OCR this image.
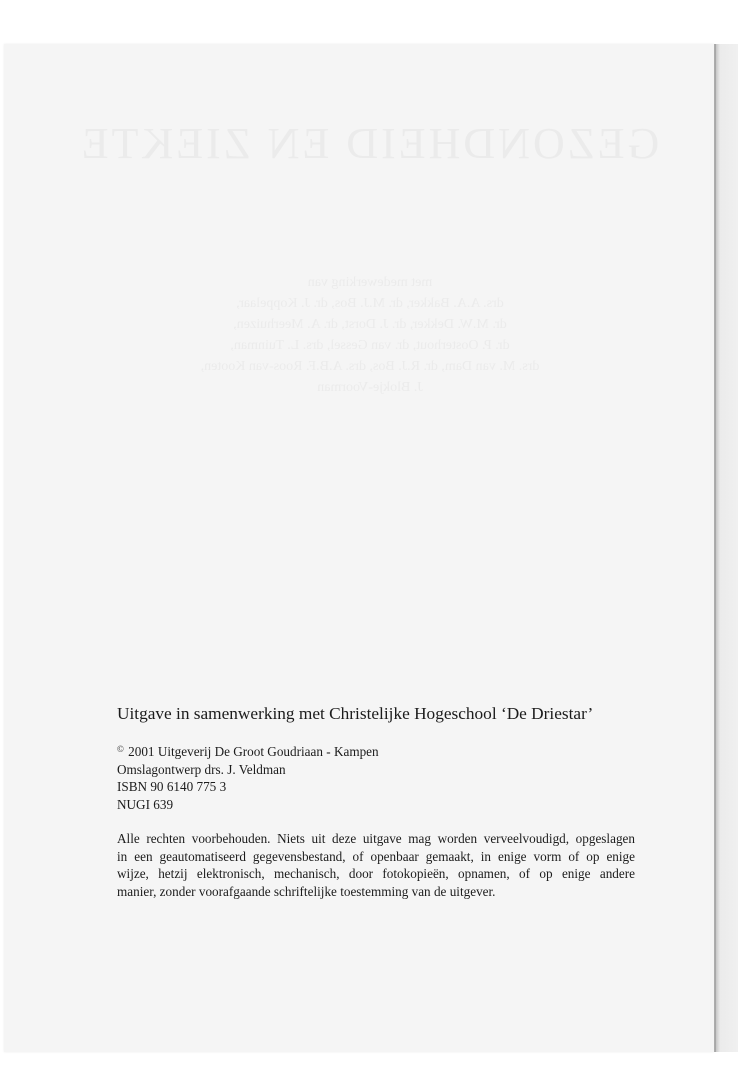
GEZONDHEID EN ZIEKTE
met medewerking van
drs. A.A. Bakker, dr. M.J. Bos, dr. J. Koppelaar,
dr. M.W. Dekker, dr. J. Dorst, dr. A. Meerhuizen,
dr. P. Oosterhout, dr. van Gessel, drs. L. Tuinman,
drs. M. van Dam, dr. R.J. Bos, drs. A.B.F. Roos-van Kooten,
J. Blokje-Voorman
Uitgave in samenwerking met Christelijke Hogeschool ‘De Driestar’
© 2001 Uitgeverij De Groot Goudriaan - Kampen
Omslagontwerp drs. J. Veldman
ISBN 90 6140 775 3
NUGI 639
Alle rechten voorbehouden. Niets uit deze uitgave mag worden verveelvoudigd, opgeslagen
in een geautomatiseerd gegevensbestand, of openbaar gemaakt, in enige vorm of op enige
wijze, hetzij elektronisch, mechanisch, door fotokopieën, opnamen, of op enige andere
manier, zonder voorafgaande schriftelijke toestemming van de uitgever.
